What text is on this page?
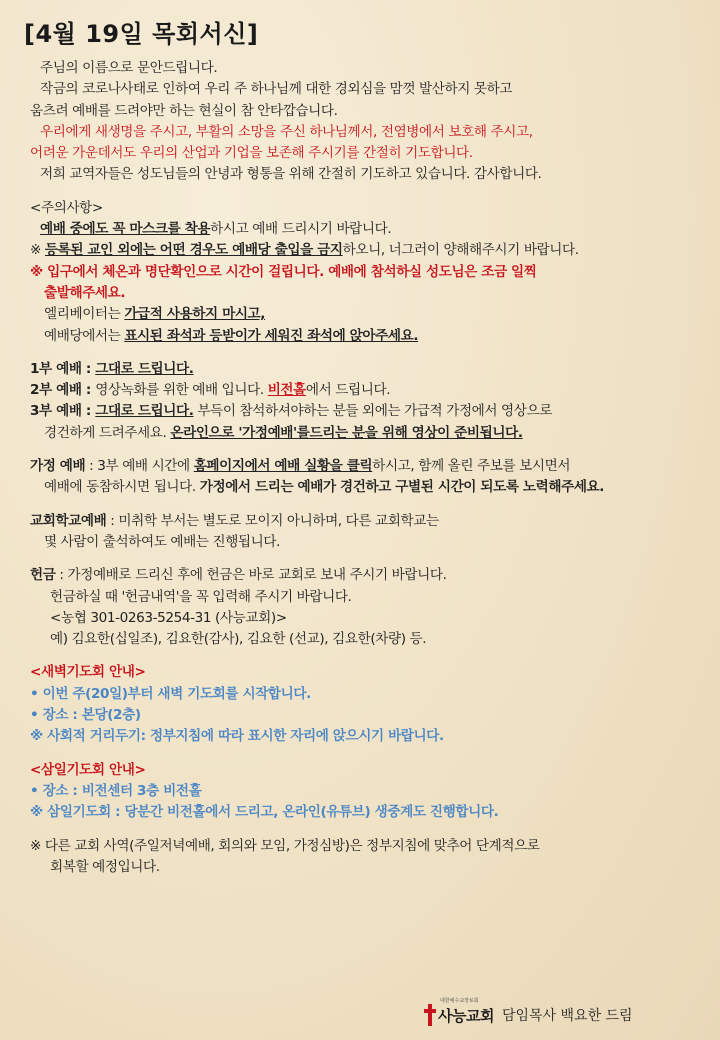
[4월 19일 목회서신]

주님의 이름으로 문안드립니다.

작금의 코로나사태로 인하여 우리 주 하나님께 대한 경외심을 맘껏 발산하지 못하고

움츠려 예배를 드려야만 하는 현실이 참 안타깝습니다.

우리에게 새생명을 주시고, 부활의 소망을 주신 하나님께서, 전염병에서 보호해 주시고,

어려운 가운데서도 우리의 산업과 기업을 보존해 주시기를 간절히 기도합니다.

저희 교역자들은 성도님들의 안녕과 형통을 위해 간절히 기도하고 있습니다. 감사합니다.

<주의사항>

예배 중에도 꼭 마스크를 착용하시고 예배 드리시기 바랍니다.

※ 등록된 교인 외에는 어떤 경우도 예배당 출입을 금지하오니, 너그러이 양해해주시기 바랍니다.

※ 입구에서 체온과 명단확인으로 시간이 걸립니다. 예배에 참석하실 성도님은 조금 일찍

출발해주세요.

엘리베이터는 가급적 사용하지 마시고,

예배당에서는 표시된 좌석과 등받이가 세워진 좌석에 앉아주세요.

1부 예배 : 그대로 드립니다.

2부 예배 : 영상녹화를 위한 예배 입니다. 비전홀에서 드립니다.

3부 예배 : 그대로 드립니다. 부득이 참석하셔야하는 분들 외에는 가급적 가정에서 영상으로

경건하게 드려주세요. 온라인으로 '가정예배'를드리는 분을 위해 영상이 준비됩니다.

가정 예배 : 3부 예배 시간에 홈페이지에서 예배 실황을 클릭하시고, 함께 올린 주보를 보시면서

예배에 동참하시면 됩니다. 가정에서 드리는 예배가 경건하고 구별된 시간이 되도록 노력해주세요.

교회학교예배 : 미취학 부서는 별도로 모이지 아니하며, 다른 교회학교는

몇 사람이 출석하여도 예배는 진행됩니다.

헌금 : 가정예배로 드리신 후에 헌금은 바로 교회로 보내 주시기 바랍니다.

헌금하실 때 '헌금내역'을 꼭 입력해 주시기 바랍니다.

<농협 301-0263-5254-31 (사능교회)>

예) 김요한(십일조), 김요한(감사), 김요한 (선교), 김요한(차량) 등.

<새벽기도회 안내>

• 이번 주(20일)부터 새벽 기도회를 시작합니다.

• 장소 : 본당(2층)

※ 사회적 거리두기: 정부지침에 따라 표시한 자리에 앉으시기 바랍니다.

<삼일기도회 안내>

• 장소 : 비전센터 3층 비전홀

※ 삼일기도회 : 당분간 비전홀에서 드리고, 온라인(유튜브) 생중계도 진행합니다.

※ 다른 교회 사역(주일저녁예배, 회의와 모임, 가정심방)은 정부지침에 맞추어 단계적으로

회복할 예정입니다.

대한예수교장로회
사능교회 담임목사 백요한 드림
